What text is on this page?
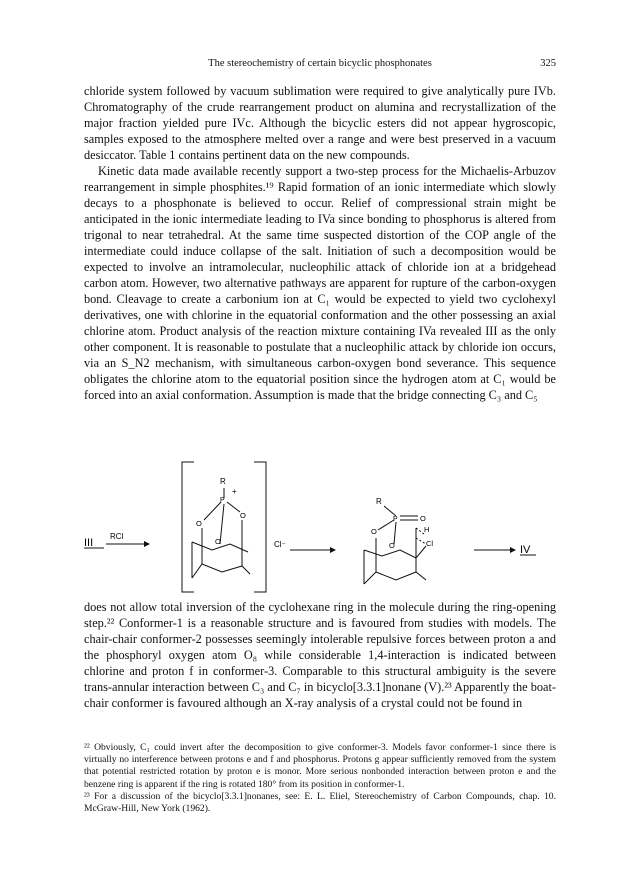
The stereochemistry of certain bicyclic phosphonates	325

chloride system followed by vacuum sublimation were required to give analytically pure IVb. Chromatography of the crude rearrangement product on alumina and recrystallization of the major fraction yielded pure IVc. Although the bicyclic esters did not appear hygroscopic, samples exposed to the atmosphere melted over a range and were best preserved in a vacuum desiccator. Table 1 contains pertinent data on the new compounds.

Kinetic data made available recently support a two-step process for the Michaelis-Arbuzov rearrangement in simple phosphites.¹⁹ Rapid formation of an ionic intermediate which slowly decays to a phosphonate is believed to occur. Relief of compressional strain might be anticipated in the ionic intermediate leading to IVa since bonding to phosphorus is altered from trigonal to near tetrahedral. At the same time suspected distortion of the COP angle of the intermediate could induce collapse of the salt. Initiation of such a decomposition would be expected to involve an intramolecular, nucleophilic attack of chloride ion at a bridgehead carbon atom. However, two alternative pathways are apparent for rupture of the carbon-oxygen bond. Cleavage to create a carbonium ion at C₁ would be expected to yield two cyclohexyl derivatives, one with chlorine in the equatorial conformation and the other possessing an axial chlorine atom. Product analysis of the reaction mixture containing IVa revealed III as the only other component. It is reasonable to postulate that a nucleophilic attack by chloride ion occurs, via an S_N2 mechanism, with simultaneous carbon-oxygen bond severance. This sequence obligates the chlorine atom to the equatorial position since the hydrogen atom at C₁ would be forced into an axial conformation. Assumption is made that the bridge connecting C₃ and C₅

III
RCl
R
+
P
O
O
O	Cl⁻
R
P	O
O
O
H
Cl
IV

does not allow total inversion of the cyclohexane ring in the molecule during the ring-opening step.²² Conformer-1 is a reasonable structure and is favoured from studies with models. The chair-chair conformer-2 possesses seemingly intolerable repulsive forces between proton a and the phosphoryl oxygen atom O₈ while considerable 1,4-interaction is indicated between chlorine and proton f in conformer-3. Comparable to this structural ambiguity is the severe trans-annular interaction between C₃ and C₇ in bicyclo[3.3.1]nonane (V).²³ Apparently the boat-chair conformer is favoured although an X-ray analysis of a crystal could not be found in

²² Obviously, C₁ could invert after the decomposition to give conformer-3. Models favor conformer-1 since there is virtually no interference between protons e and f and phosphorus. Protons g appear sufficiently removed from the system that potential restricted rotation by proton e is monor. More serious nonbonded interaction between proton e and the benzene ring is apparent if the ring is rotated 180° from its position in conformer-1.

²³ For a discussion of the bicyclo[3.3.1]nonanes, see: E. L. Eliel, Stereochemistry of Carbon Compounds, chap. 10. McGraw-Hill, New York (1962).
